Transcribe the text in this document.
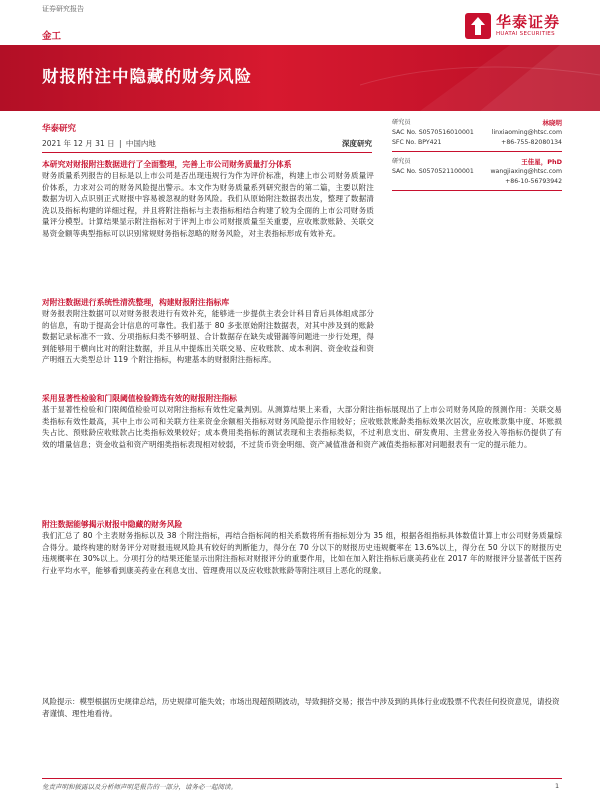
证券研究报告
金工
华泰证券
HUATAI SECURITIES
财报附注中隐藏的财务风险
华泰研究
2021 年 12 月 31 日 | 中国内地	深度研究
研究员	林晓明
SAC No. S0570516010001	linxiaoming@htsc.com
SFC No. BPY421	+86-755-82080134
研究员	王佳星，PhD
SAC No. S0570521100001	wangjiaxing@htsc.com
+86-10-56793942
本研究对财报附注数据进行了全面整理，完善上市公司财务质量打分体系
财务质量系列报告的目标是以上市公司是否出现违规行为作为评价标准，构建上市公司财务质量评价体系，力求对公司的财务风险提出警示。本文作为财务质量系列研究报告的第二篇，主要以附注数据为切入点识别正式财报中容易被忽视的财务风险。我们从原始附注数据表出发，整理了数据清洗以及指标构建的详细过程，并且将附注指标与主表指标相结合构建了较为全面的上市公司财务质量评分模型。计算结果显示附注指标对于评判上市公司财报质量至关重要，应收账款账龄、关联交易资金额等典型指标可以识别常规财务指标忽略的财务风险，对主表指标形成有效补充。
对附注数据进行系统性清洗整理，构建财报附注指标库
财务报表附注数据可以对财务报表进行有效补充，能够进一步提供主表会计科目背后具体组成部分的信息，有助于提高会计信息的可靠性。我们基于 80 多张原始附注数据表，对其中涉及到的账龄数据记录标准不一致、分项指标归类不够明显、合计数据存在缺失或错漏等问题进一步行处理，得到能够用于横向比对的附注数据，并且从中提炼出关联交易、应收账款、成本利润、资金收益和资产明细五大类型总计 119 个附注指标，构建基本的财报附注指标库。
采用显著性检验和门限阈值检验筛选有效的财报附注指标
基于显著性检验和门限阈值检验可以对附注指标有效性定量判别。从测算结果上来看，大部分附注指标展现出了上市公司财务风险的预测作用：关联交易类指标有效性最高，其中上市公司和关联方往来资金余额相关指标对财务风险提示作用较好；应收账款账龄类指标效果次居次，应收账款集中度、坏账损失占比、预账龄应收账款占比类指标效果较好；成本费用类指标的测试表现和主表指标类似，不过利息支出、研发费用、主营业务投入等指标仍提供了有效的增量信息；资金收益和资产明细类指标表现相对较弱，不过货币资金明细、资产减值准备和资产减值类指标都对问题报表有一定的提示能力。
附注数据能够揭示财报中隐藏的财务风险
我们汇总了 80 个主表财务指标以及 38 个附注指标，再结合指标间的相关系数将所有指标划分为 35 组，根据各组指标具体数值计算上市公司财务质量综合得分。最终构建的财务评分对财报违规风险具有较好的判断能力，得分在 70 分以下的财报历史违规概率在 13.6%以上，得分在 50 分以下的财报历史违规概率在 30%以上。分项打分的结果还能显示出附注指标对财报评分的重要作用，比如在加入附注指标后康美药业在 2017 年的财报评分显著低于医药行业平均水平，能够看到康美药业在利息支出、管理费用以及应收账款账龄等附注项目上恶化的现象。
风险提示：模型根据历史规律总结，历史规律可能失效；市场出现超预期波动，导致拥挤交易；报告中涉及到的具体行业或股票不代表任何投资意见，请投资者谨慎、理性地看待。
免责声明和披露以及分析师声明是报告的一部分，请务必一起阅读。	1
